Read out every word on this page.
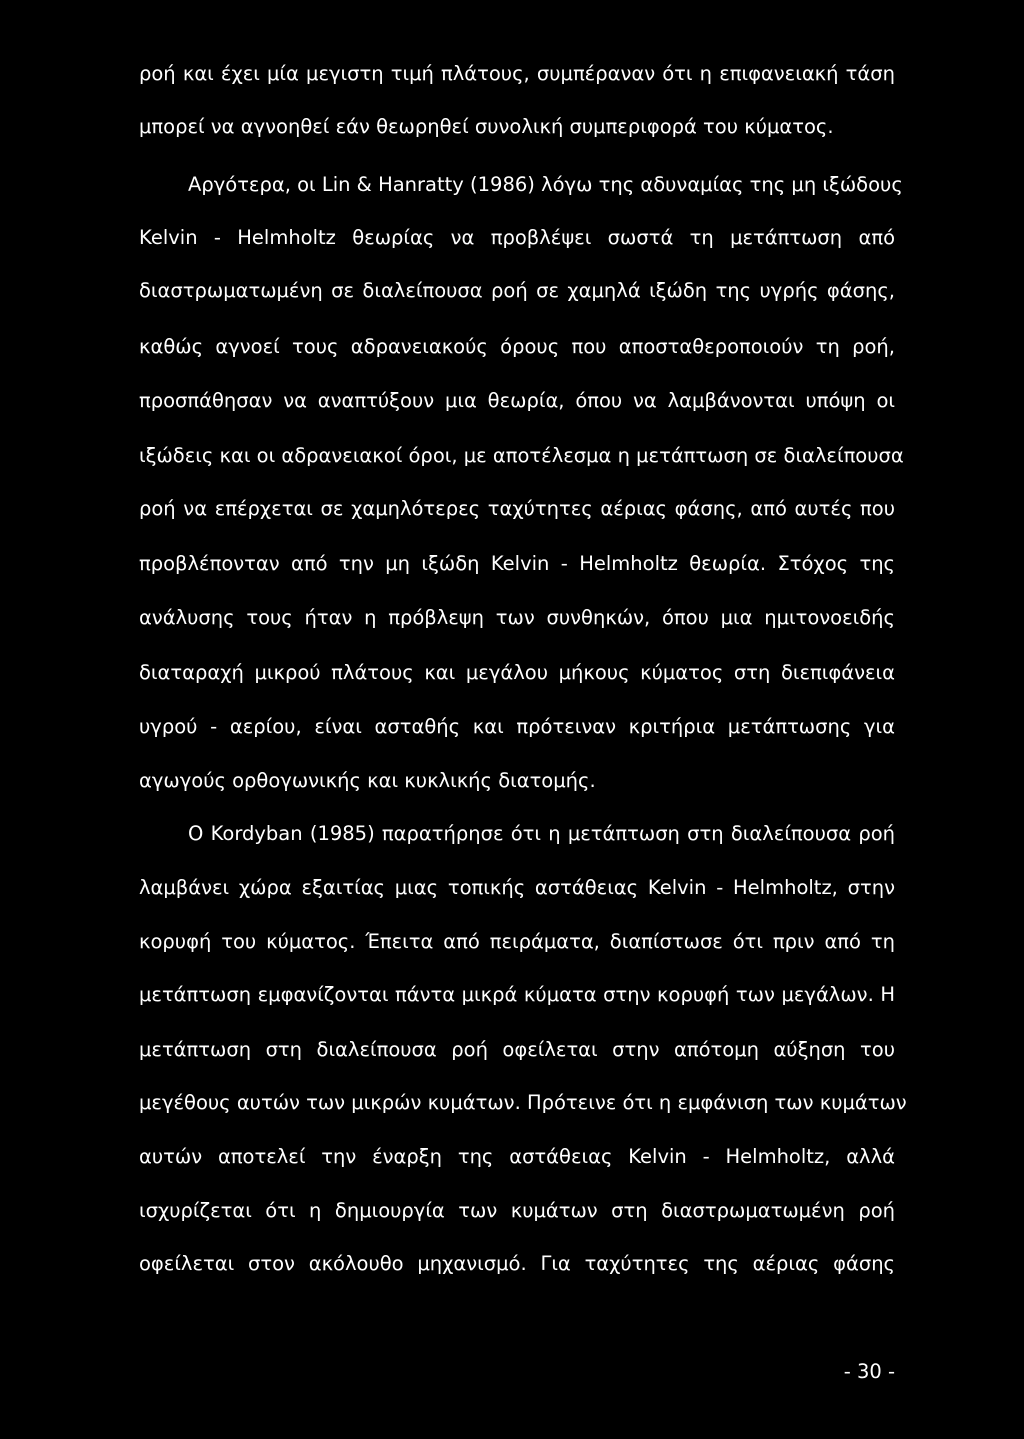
ροή και έχει μία μεγιστη τιμή πλάτους, συμπέραναν ότι η επιφανειακή τάση
μπορεί να αγνοηθεί εάν θεωρηθεί συνολική συμπεριφορά του κύματος.
Αργότερα, οι Lin & Hanratty (1986) λόγω της αδυναμίας της μη ιξώδους
Kelvin - Helmholtz θεωρίας να προβλέψει σωστά τη μετάπτωση από
διαστρωματωμένη σε διαλείπουσα ροή σε χαμηλά ιξώδη της υγρής φάσης,
καθώς αγνοεί τους αδρανειακούς όρους που αποσταθεροποιούν τη ροή,
προσπάθησαν να αναπτύξουν μια θεωρία, όπου να λαμβάνονται υπόψη οι
ιξώδεις και οι αδρανειακοί όροι, με αποτέλεσμα η μετάπτωση σε διαλείπουσα
ροή να επέρχεται σε χαμηλότερες ταχύτητες αέριας φάσης, από αυτές που
προβλέπονταν από την μη ιξώδη Kelvin - Helmholtz θεωρία. Στόχος της
ανάλυσης τους ήταν η πρόβλεψη των συνθηκών, όπου μια ημιτονοειδής
διαταραχή μικρού πλάτους και μεγάλου μήκους κύματος στη διεπιφάνεια
υγρού - αερίου, είναι ασταθής και πρότειναν κριτήρια μετάπτωσης για
αγωγούς ορθογωνικής και κυκλικής διατομής.
Ο Kordyban (1985) παρατήρησε ότι η μετάπτωση στη διαλείπουσα ροή
λαμβάνει χώρα εξαιτίας μιας τοπικής αστάθειας Kelvin - Helmholtz, στην
κορυφή του κύματος. Έπειτα από πειράματα, διαπίστωσε ότι πριν από τη
μετάπτωση εμφανίζονται πάντα μικρά κύματα στην κορυφή των μεγάλων. Η
μετάπτωση στη διαλείπουσα ροή οφείλεται στην απότομη αύξηση του
μεγέθους αυτών των μικρών κυμάτων. Πρότεινε ότι η εμφάνιση των κυμάτων
αυτών αποτελεί την έναρξη της αστάθειας Kelvin - Helmholtz, αλλά
ισχυρίζεται ότι η δημιουργία των κυμάτων στη διαστρωματωμένη ροή
οφείλεται στον ακόλουθο μηχανισμό. Για ταχύτητες της αέριας φάσης
- 30 -
